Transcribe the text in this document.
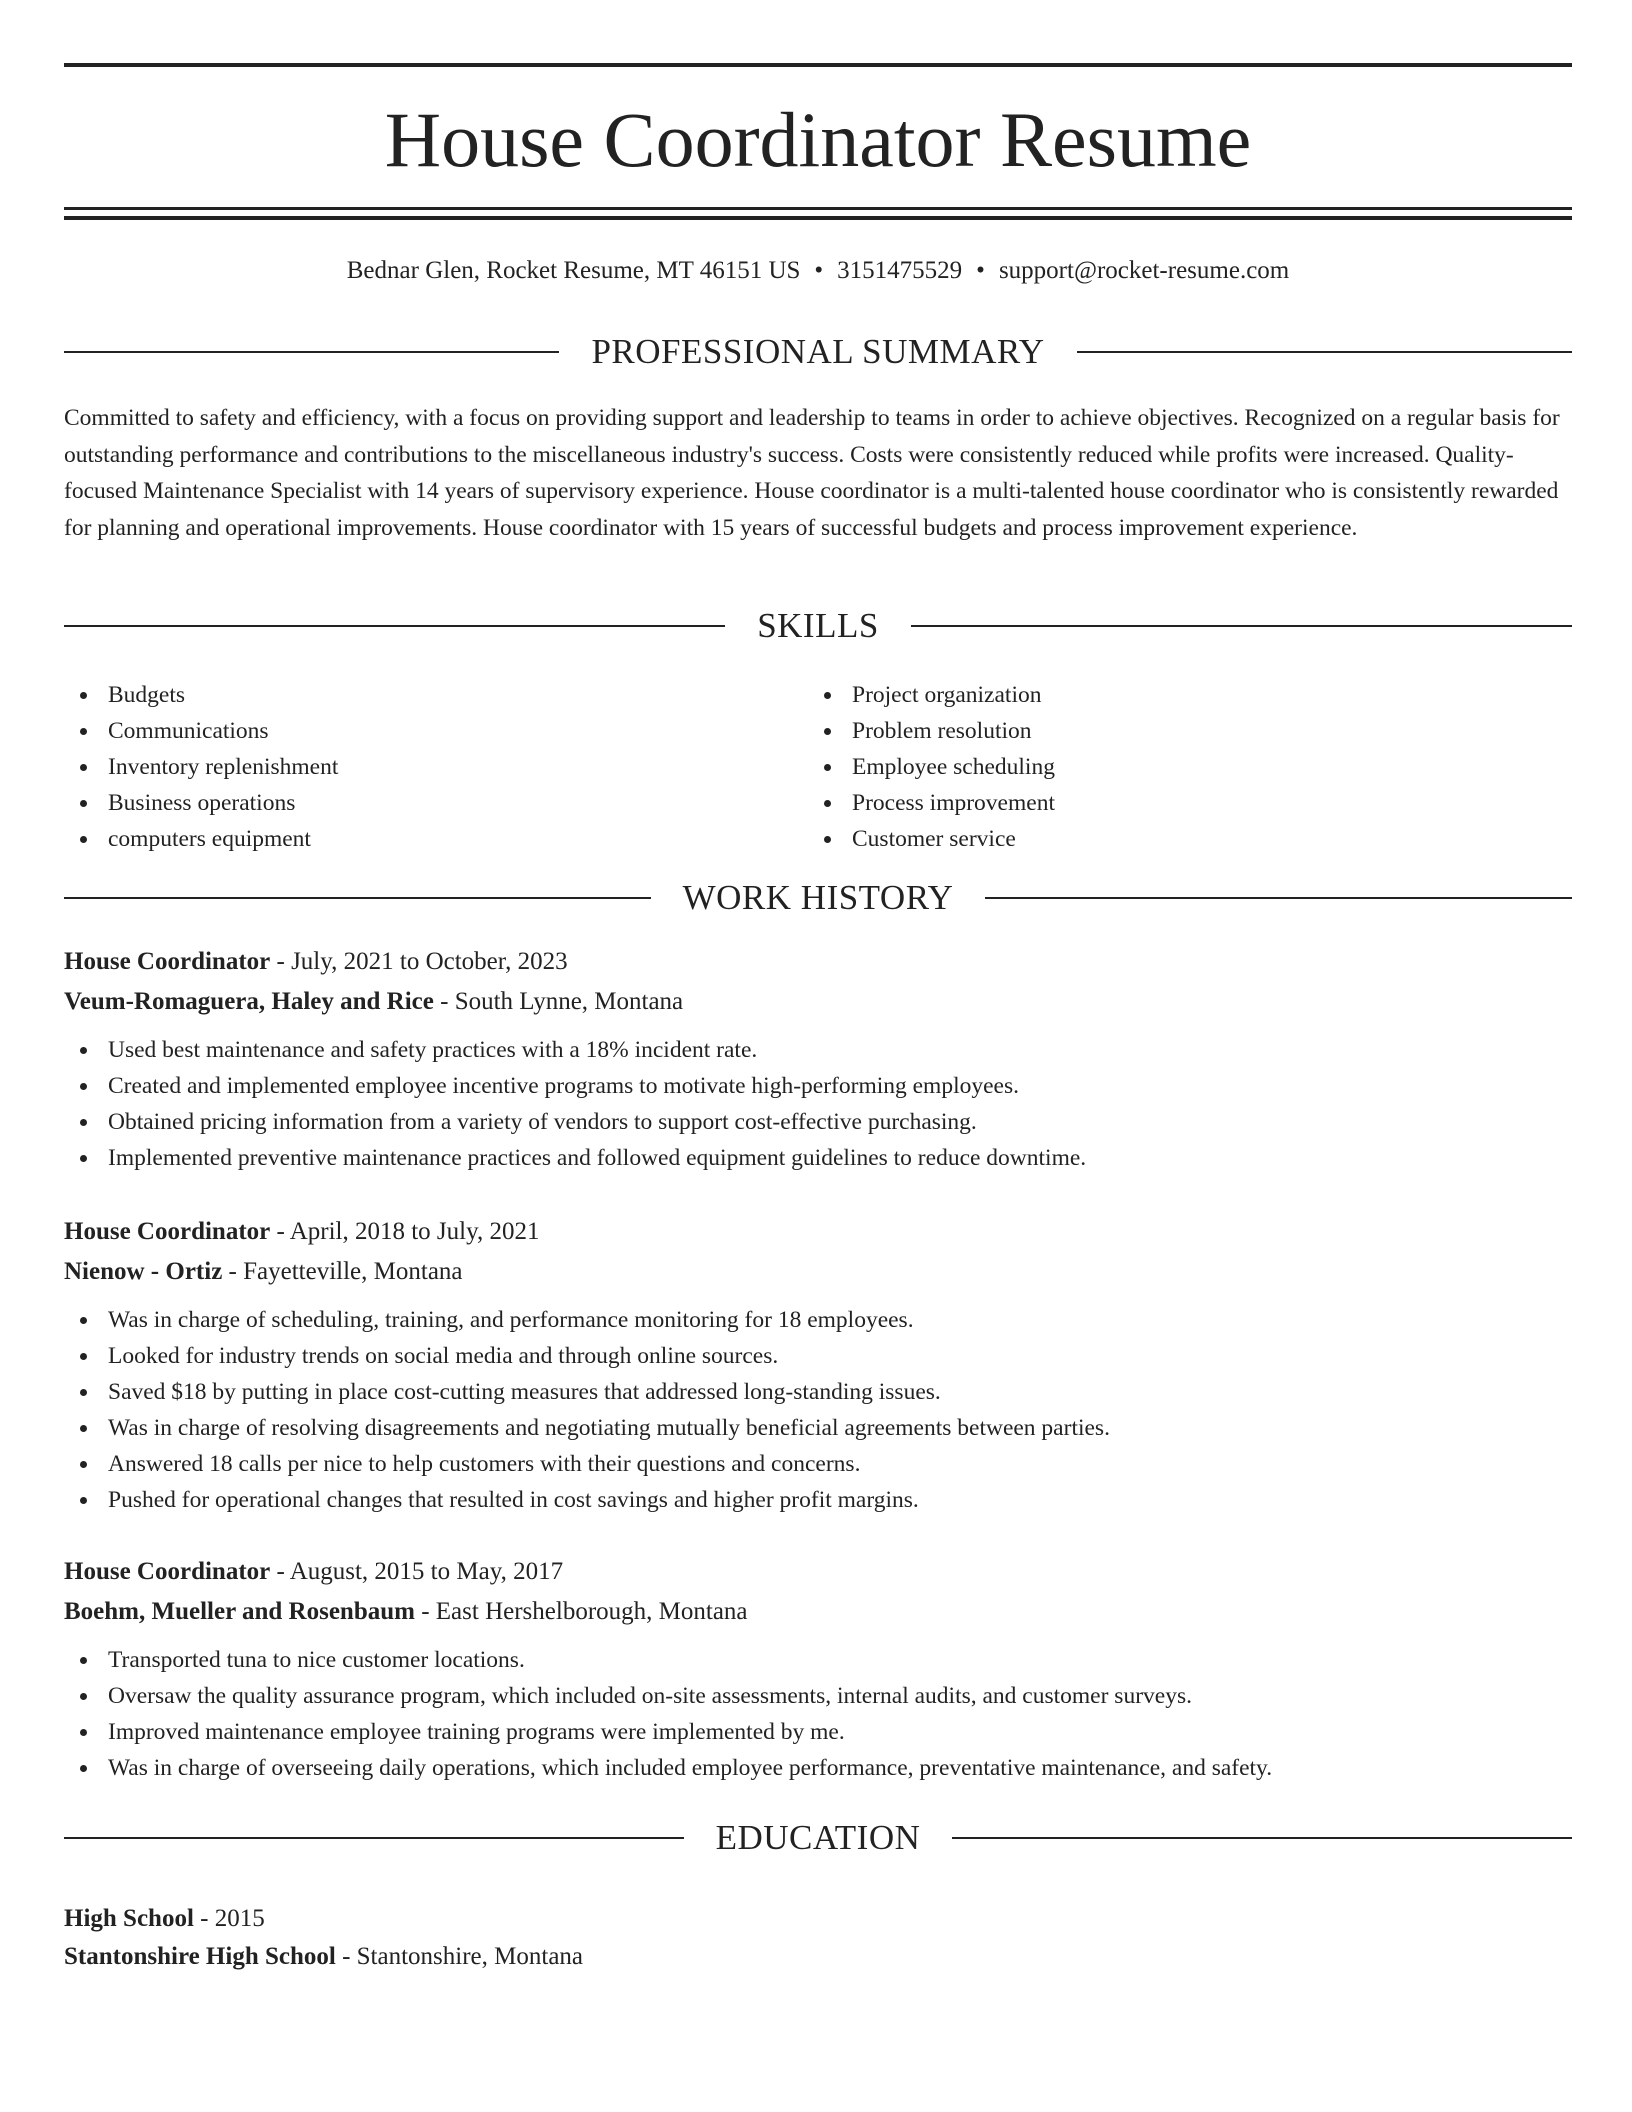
House Coordinator Resume
Bednar Glen, Rocket Resume, MT 46151 US • 3151475529 • support@rocket-resume.com
PROFESSIONAL SUMMARY

Committed to safety and efficiency, with a focus on providing support and leadership to teams in order to achieve objectives. Recognized on a regular basis for outstanding performance and contributions to the miscellaneous industry's success. Costs were consistently reduced while profits were increased. Quality-focused Maintenance Specialist with 14 years of supervisory experience. House coordinator is a multi-talented house coordinator who is consistently rewarded for planning and operational improvements. House coordinator with 15 years of successful budgets and process improvement experience.

SKILLS
Budgets
Communications
Inventory replenishment
Business operations
computers equipment
Project organization
Problem resolution
Employee scheduling
Process improvement
Customer service
WORK HISTORY
House Coordinator - July, 2021 to October, 2023
Veum-Romaguera, Haley and Rice - South Lynne, Montana
Used best maintenance and safety practices with a 18% incident rate.
Created and implemented employee incentive programs to motivate high-performing employees.
Obtained pricing information from a variety of vendors to support cost-effective purchasing.
Implemented preventive maintenance practices and followed equipment guidelines to reduce downtime.
House Coordinator - April, 2018 to July, 2021
Nienow - Ortiz - Fayetteville, Montana
Was in charge of scheduling, training, and performance monitoring for 18 employees.
Looked for industry trends on social media and through online sources.
Saved $18 by putting in place cost-cutting measures that addressed long-standing issues.
Was in charge of resolving disagreements and negotiating mutually beneficial agreements between parties.
Answered 18 calls per nice to help customers with their questions and concerns.
Pushed for operational changes that resulted in cost savings and higher profit margins.
House Coordinator - August, 2015 to May, 2017
Boehm, Mueller and Rosenbaum - East Hershelborough, Montana
Transported tuna to nice customer locations.
Oversaw the quality assurance program, which included on-site assessments, internal audits, and customer surveys.
Improved maintenance employee training programs were implemented by me.
Was in charge of overseeing daily operations, which included employee performance, preventative maintenance, and safety.
EDUCATION
High School - 2015
Stantonshire High School - Stantonshire, Montana
